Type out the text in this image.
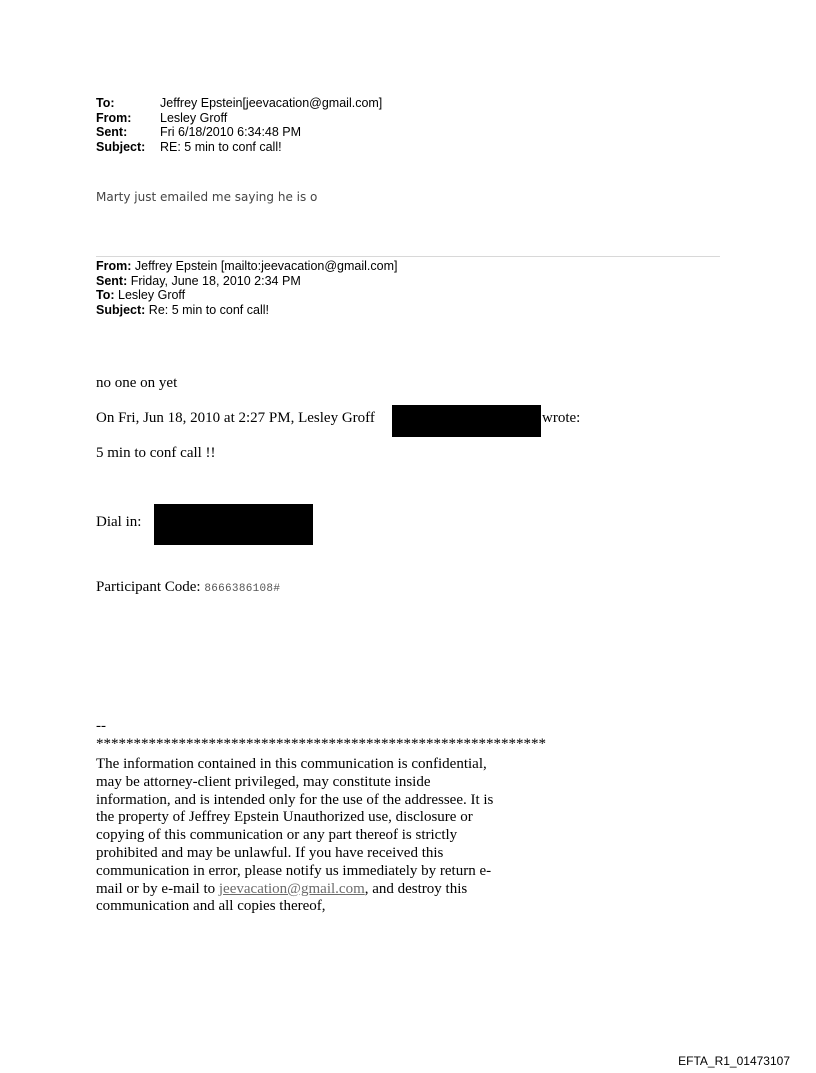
To:	Jeffrey Epstein[jeevacation@gmail.com]
From:	Lesley Groff
Sent:	Fri 6/18/2010 6:34:48 PM
Subject:	RE: 5 min to conf call!
Marty just emailed me saying he is o
From: Jeffrey Epstein [mailto:jeevacation@gmail.com]
Sent: Friday, June 18, 2010 2:34 PM
To: Lesley Groff
Subject: Re: 5 min to conf call!
no one on yet
On Fri, Jun 18, 2010 at 2:27 PM, Lesley Groff	wrote:
5 min to conf call !!
Dial in:
Participant Code: 8666386108#
--
************************************************************
The information contained in this communication is confidential, may be attorney-client privileged, may constitute inside information, and is intended only for the use of the addressee. It is the property of Jeffrey Epstein Unauthorized use, disclosure or copying of this communication or any part thereof is strictly prohibited and may be unlawful. If you have received this communication in error, please notify us immediately by return e-mail or by e-mail to jeevacation@gmail.com, and destroy this communication and all copies thereof,
EFTA_R1_01473107
